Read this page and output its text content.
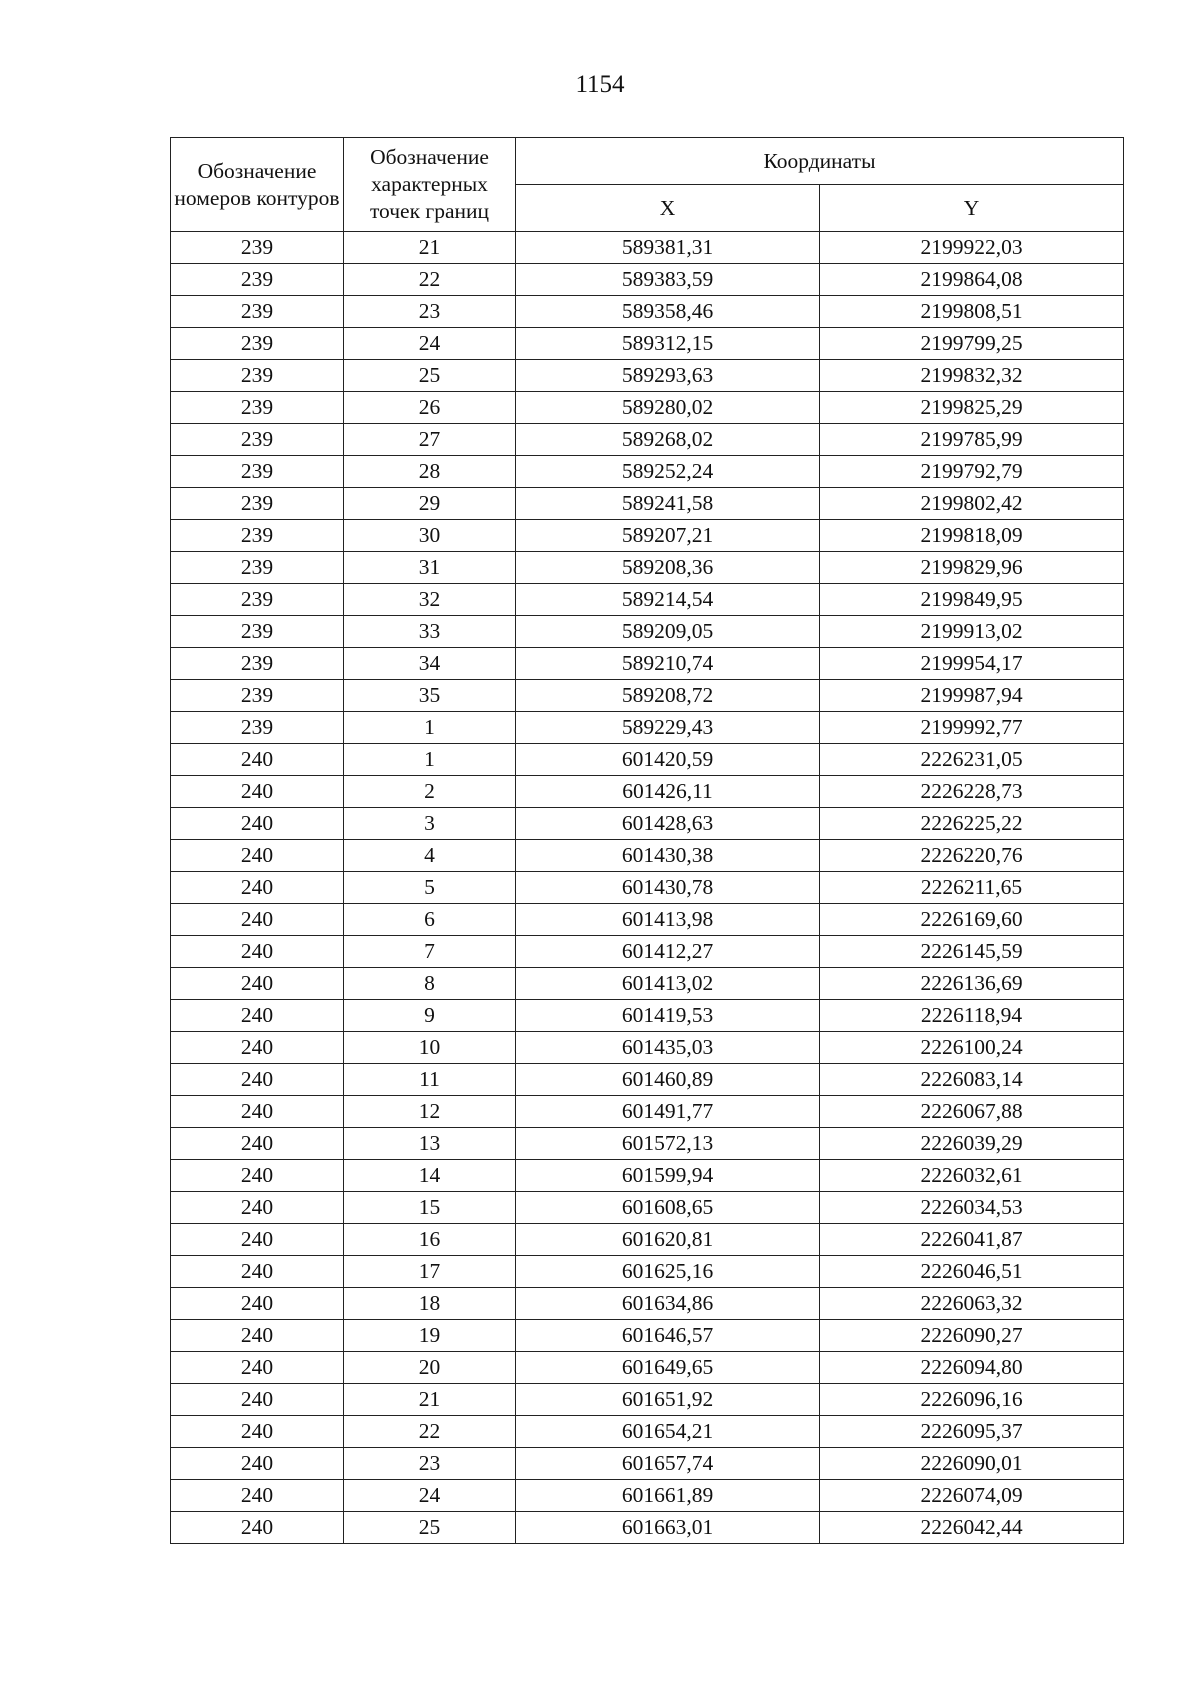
1154
Обозначение номеров контуров	Обозначение характерных точек границ	Координаты	
		X	Y
239	21	589381,31	2199922,03
239	22	589383,59	2199864,08
239	23	589358,46	2199808,51
239	24	589312,15	2199799,25
239	25	589293,63	2199832,32
239	26	589280,02	2199825,29
239	27	589268,02	2199785,99
239	28	589252,24	2199792,79
239	29	589241,58	2199802,42
239	30	589207,21	2199818,09
239	31	589208,36	2199829,96
239	32	589214,54	2199849,95
239	33	589209,05	2199913,02
239	34	589210,74	2199954,17
239	35	589208,72	2199987,94
239	1	589229,43	2199992,77
240	1	601420,59	2226231,05
240	2	601426,11	2226228,73
240	3	601428,63	2226225,22
240	4	601430,38	2226220,76
240	5	601430,78	2226211,65
240	6	601413,98	2226169,60
240	7	601412,27	2226145,59
240	8	601413,02	2226136,69
240	9	601419,53	2226118,94
240	10	601435,03	2226100,24
240	11	601460,89	2226083,14
240	12	601491,77	2226067,88
240	13	601572,13	2226039,29
240	14	601599,94	2226032,61
240	15	601608,65	2226034,53
240	16	601620,81	2226041,87
240	17	601625,16	2226046,51
240	18	601634,86	2226063,32
240	19	601646,57	2226090,27
240	20	601649,65	2226094,80
240	21	601651,92	2226096,16
240	22	601654,21	2226095,37
240	23	601657,74	2226090,01
240	24	601661,89	2226074,09
240	25	601663,01	2226042,44
